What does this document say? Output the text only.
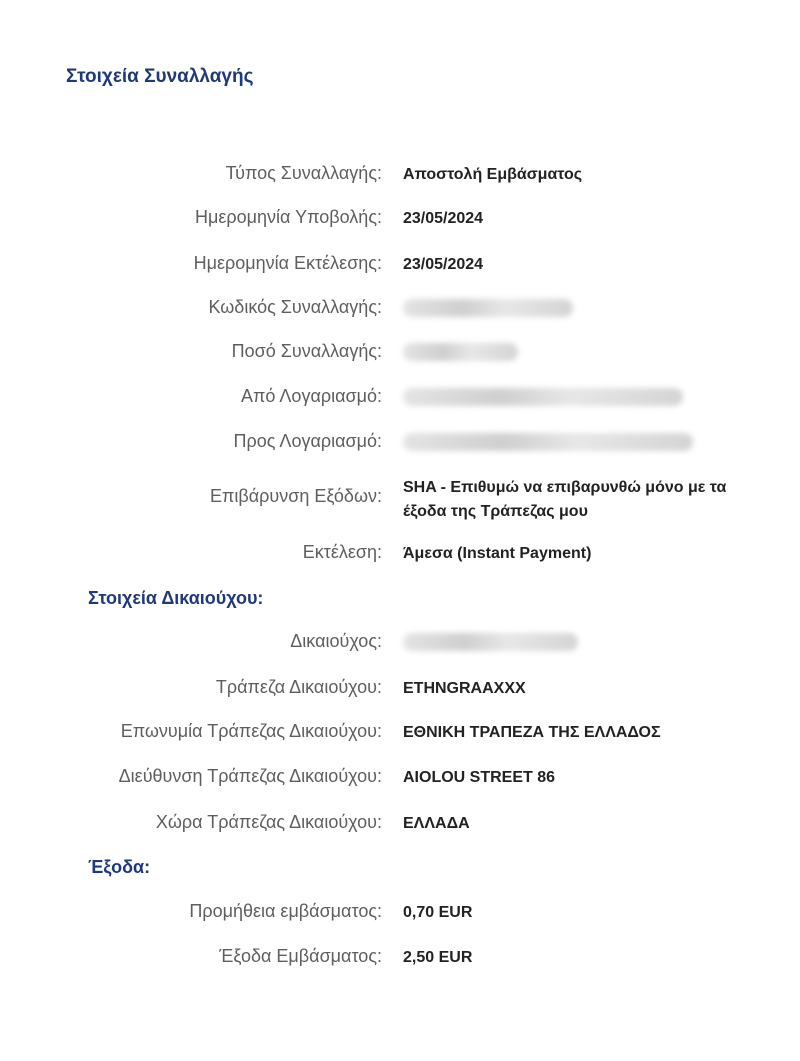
Στοιχεία Συναλλαγής
Τύπος Συναλλαγής: Αποστολή Εμβάσματος
Ημερομηνία Υποβολής: 23/05/2024
Ημερομηνία Εκτέλεσης: 23/05/2024
Κωδικός Συναλλαγής:
Ποσό Συναλλαγής:
Από Λογαριασμό:
Προς Λογαριασμό:
Επιβάρυνση Εξόδων: SHA - Επιθυμώ να επιβαρυνθώ μόνο με τα έξοδα της Τράπεζας μου
Εκτέλεση: Άμεσα (Instant Payment)
Στοιχεία Δικαιούχου:
Δικαιούχος:
Τράπεζα Δικαιούχου: ETHNGRAAXXX
Επωνυμία Τράπεζας Δικαιούχου: ΕΘΝΙΚΗ ΤΡΑΠΕΖΑ ΤΗΣ ΕΛΛΑΔΟΣ
Διεύθυνση Τράπεζας Δικαιούχου: AIOLOU STREET 86
Χώρα Τράπεζας Δικαιούχου: ΕΛΛΑΔΑ
Έξοδα:
Προμήθεια εμβάσματος: 0,70 EUR
Έξοδα Εμβάσματος: 2,50 EUR
